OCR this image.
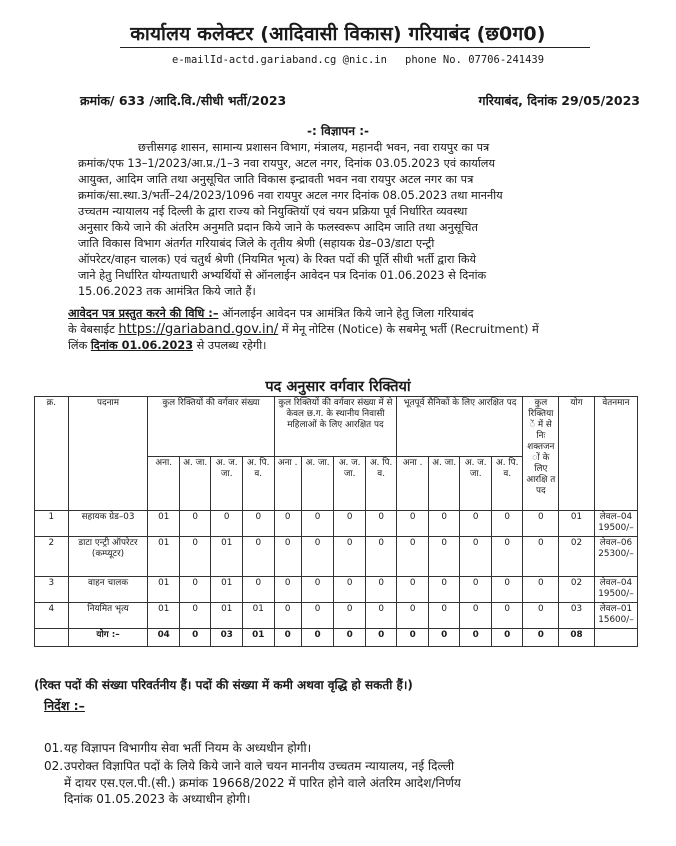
कार्यालय कलेक्टर (आदिवासी विकास) गरियाबंद (छ0ग0)
e-mailId-actd.gariaband.cg @nic.in phone No. 07706-241439
क्रमांक/ 633 /आदि.वि./सीधी भर्ती/2023	गरियाबंद, दिनांक 29/05/2023
-: विज्ञापन :-
छत्तीसगढ़ शासन, सामान्य प्रशासन विभाग, मंत्रालय, महानदी भवन, नवा रायपुर का पत्र
क्रमांक/एफ 13–1/2023/आ.प्र./1–3 नवा रायपुर, अटल नगर, दिनांक 03.05.2023 एवं कार्यालय
आयुक्त, आदिम जाति तथा अनुसूचित जाति विकास इन्द्रावती भवन नवा रायपुर अटल नगर का पत्र
क्रमांक/सा.स्था.3/भर्ती–24/2023/1096 नवा रायपुर अटल नगर दिनांक 08.05.2023 तथा माननीय
उच्चतम न्यायालय नई दिल्ली के द्वारा राज्य को नियुक्तियॉ एवं चयन प्रक्रिया पूर्व निर्धारित व्यवस्था
अनुसार किये जाने की अंतरिम अनुमति प्रदान किये जाने के फलस्वरूप आदिम जाति तथा अनुसूचित
जाति विकास विभाग अंतर्गत गरियाबंद जिले के तृतीय श्रेणी (सहायक ग्रेड–03/डाटा एन्ट्री
ऑपरेटर/वाहन चालक) एवं चतुर्थ श्रेणी (नियमित भृत्य) के रिक्त पदों की पूर्ति सीधी भर्ती द्वारा किये
जाने हेतु निर्धारित योग्यताधारी अभ्यर्थियों से ऑनलाईन आवेदन पत्र दिनांक 01.06.2023 से दिनांक
15.06.2023 तक आमंत्रित किये जाते हैं।
आवेदन पत्र प्रस्तुत करने की विधि :– ऑनलाईन आवेदन पत्र आमंत्रित किये जाने हेतु जिला गरियाबंद
के वेबसाईट https://gariaband.gov.in/ में मेनू नोटिस (Notice) के सबमेनू भर्ती (Recruitment) में
लिंक दिनांक 01.06.2023 से उपलब्ध रहेगी।
पद अनुसार वर्गवार रिक्तियां
क्र.	पदनाम	कुल रिक्तियों की वर्गवार संख्या				कुल रिक्तियों की वर्गवार संख्या में से केवल छ.ग. के स्थानीय निवासी महिलाओं के लिए आरक्षित पद				भूतपूर्व सैनिकों के लिए आरक्षित पद				कुल रिक्तिया ें में से निः शक्तजन ों के लिए आरक्षि त पद	योग	वेतनमान
		अना.	अ. जा.	अ. ज. जा.	अ. पि. व.	अना .	अ. जा.	अ. ज. जा.	अ. पि. व.	अना .	अ. जा.	अ. ज. जा.	अ. पि. व.			
1	सहायक ग्रेड–03	01	0	0	0	0	0	0	0	0	0	0	0	0	01	लेवल–04 19500/–
2	डाटा एन्ट्री ऑपरेटर (कम्प्यूटर)	01	0	01	0	0	0	0	0	0	0	0	0	0	02	लेवल–06 25300/–
3	वाहन चालक	01	0	01	0	0	0	0	0	0	0	0	0	0	02	लेवल–04 19500/–
4	नियमित भृत्य	01	0	01	01	0	0	0	0	0	0	0	0	0	03	लेवल–01 15600/–
	योग :–	04	0	03	01	0	0	0	0	0	0	0	0	0	08	
(रिक्त पदों की संख्या परिवर्तनीय हैं। पदों की संख्या में कमी अथवा वृद्धि हो सकती हैं।)
निर्देश :–
01.यह विज्ञापन विभागीय सेवा भर्ती नियम के अध्यधीन होगी।
02.उपरोक्त विज्ञापित पदों के लिये किये जाने वाले चयन माननीय उच्चतम न्यायालय, नई दिल्ली
में दायर एस.एल.पी.(सी.) क्रमांक 19668/2022 में पारित होने वाले अंतरिम आदेश/निर्णय
दिनांक 01.05.2023 के अध्याधीन होगी।
